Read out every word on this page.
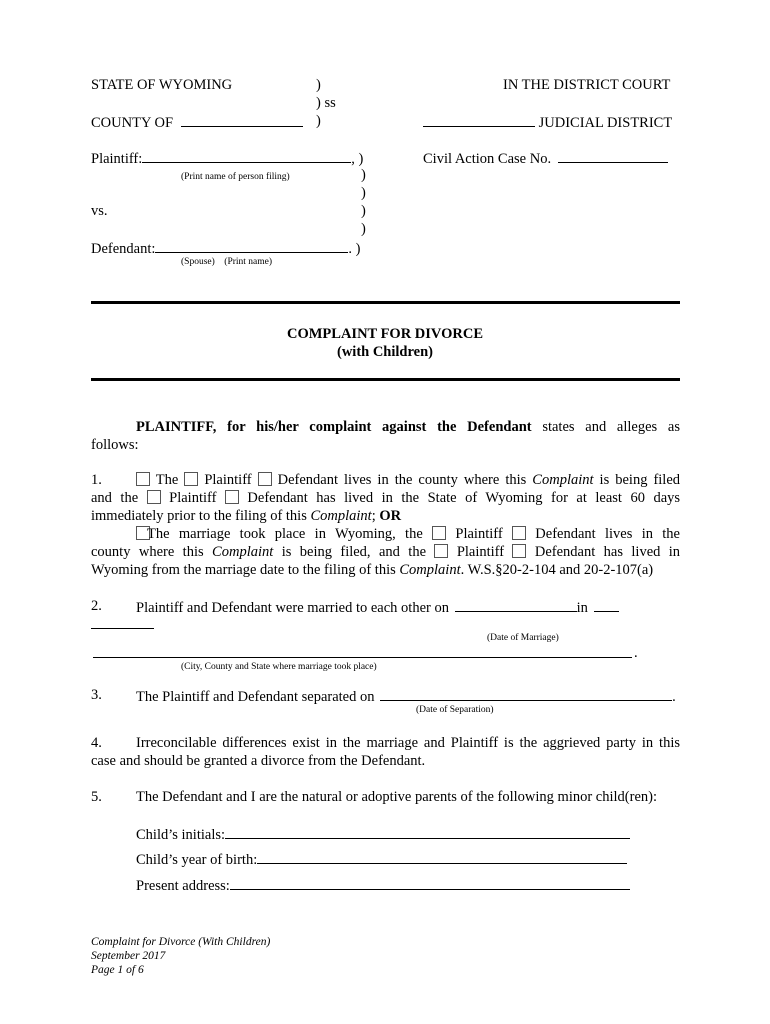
STATE OF WYOMING	)
) ss
)
IN THE DISTRICT COURT
COUNTY OF	JUDICIAL DISTRICT
Plaintiff:	, )
(Print name of person filing)
Civil Action Case No.
)
)
vs.	)
)
Defendant:	. )
(Spouse)    (Print name)
COMPLAINT FOR DIVORCE
(with Children)
PLAINTIFF, for his/her complaint against the Defendant states and alleges as
follows:
1.	The Plaintiff Defendant lives in the county where this Complaint is being filed
and the Plaintiff Defendant has lived in the State of Wyoming for at least 60 days
immediately prior to the filing of this Complaint; OR
The marriage took place in Wyoming, the Plaintiff Defendant lives in the
county where this Complaint is being filed, and the Plaintiff Defendant has lived in
Wyoming from the marriage date to the filing of this Complaint. W.S.§20-2-104 and 20-2-107(a)
2. Plaintiff and Defendant were married to each other on	in
(Date of Marriage)
.
(City, County and State where marriage took place)
3. The Plaintiff and Defendant separated on	.
(Date of Separation)
4. Irreconcilable differences exist in the marriage and Plaintiff is the aggrieved party in this
case and should be granted a divorce from the Defendant.
5. The Defendant and I are the natural or adoptive parents of the following minor child(ren):
Child’s initials:
Child’s year of birth:
Present address:
Complaint for Divorce (With Children)
September 2017
Page 1 of 6
